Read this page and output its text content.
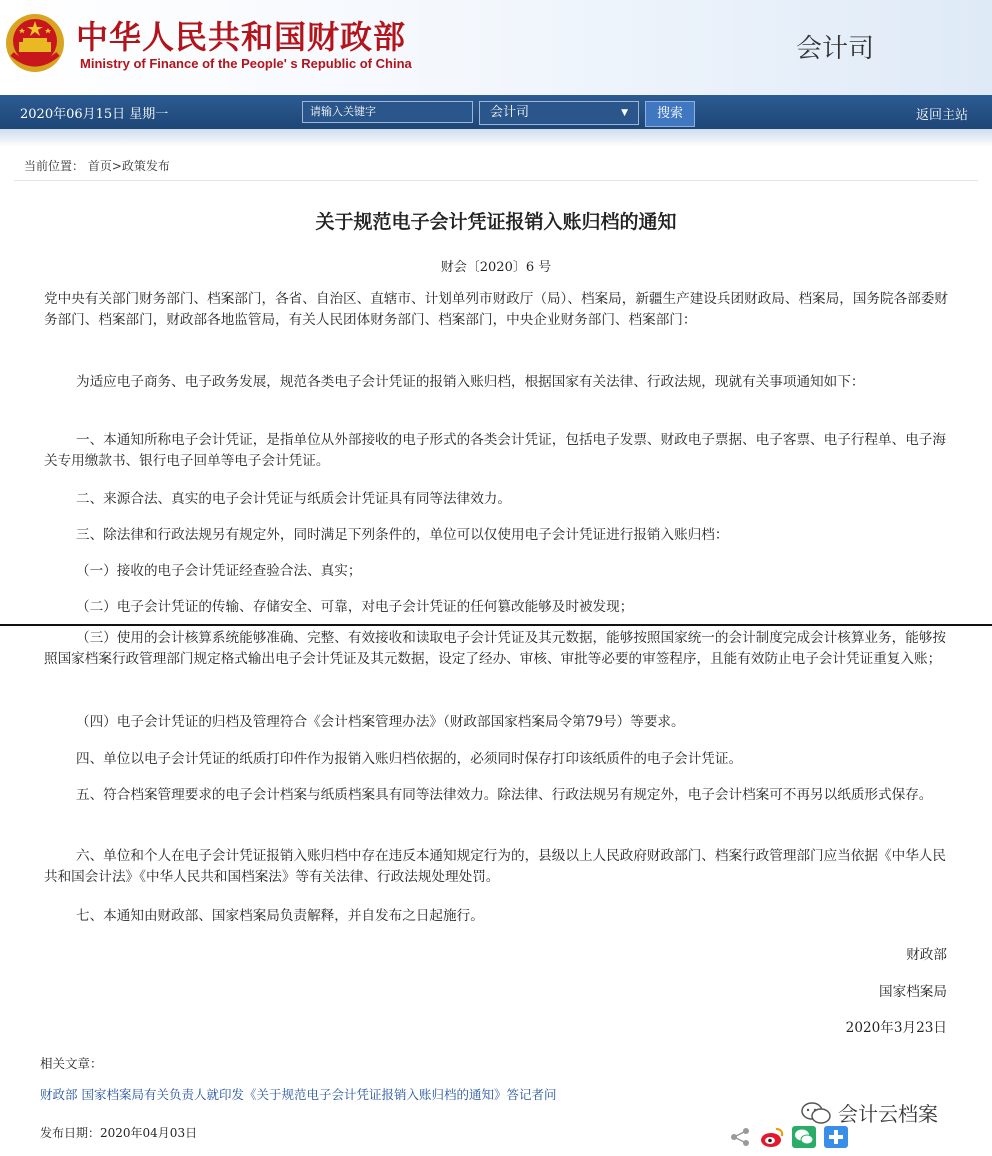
中华人民共和国财政部
Ministry of Finance of the People' s Republic of China	会计司
2020年06月15日 星期一	请输入关键字	会计司	▼	搜索	返回主站
当前位置： 首页>政策发布
关于规范电子会计凭证报销入账归档的通知
财会〔2020〕6 号
党中央有关部门财务部门、档案部门，各省、自治区、直辖市、计划单列市财政厅（局）、档案局，新疆生产建设兵团财政局、档案局，国务院各部委财务部门、档案部门，财政部各地监管局，有关人民团体财务部门、档案部门，中央企业财务部门、档案部门：
为适应电子商务、电子政务发展，规范各类电子会计凭证的报销入账归档，根据国家有关法律、行政法规，现就有关事项通知如下：
一、本通知所称电子会计凭证，是指单位从外部接收的电子形式的各类会计凭证，包括电子发票、财政电子票据、电子客票、电子行程单、电子海关专用缴款书、银行电子回单等电子会计凭证。
二、来源合法、真实的电子会计凭证与纸质会计凭证具有同等法律效力。
三、除法律和行政法规另有规定外，同时满足下列条件的，单位可以仅使用电子会计凭证进行报销入账归档：
（一）接收的电子会计凭证经查验合法、真实；
（二）电子会计凭证的传输、存储安全、可靠，对电子会计凭证的任何篡改能够及时被发现；
（三）使用的会计核算系统能够准确、完整、有效接收和读取电子会计凭证及其元数据，能够按照国家统一的会计制度完成会计核算业务，能够按照国家档案行政管理部门规定格式输出电子会计凭证及其元数据，设定了经办、审核、审批等必要的审签程序，且能有效防止电子会计凭证重复入账；
（四）电子会计凭证的归档及管理符合《会计档案管理办法》（财政部国家档案局令第79号）等要求。
四、单位以电子会计凭证的纸质打印件作为报销入账归档依据的，必须同时保存打印该纸质件的电子会计凭证。
五、符合档案管理要求的电子会计档案与纸质档案具有同等法律效力。除法律、行政法规另有规定外，电子会计档案可不再另以纸质形式保存。
六、单位和个人在电子会计凭证报销入账归档中存在违反本通知规定行为的，县级以上人民政府财政部门、档案行政管理部门应当依据《中华人民共和国会计法》《中华人民共和国档案法》等有关法律、行政法规处理处罚。
七、本通知由财政部、国家档案局负责解释，并自发布之日起施行。
财政部
国家档案局
2020年3月23日
相关文章：
财政部 国家档案局有关负责人就印发《关于规范电子会计凭证报销入账归档的通知》答记者问
发布日期：2020年04月03日
会计云档案
